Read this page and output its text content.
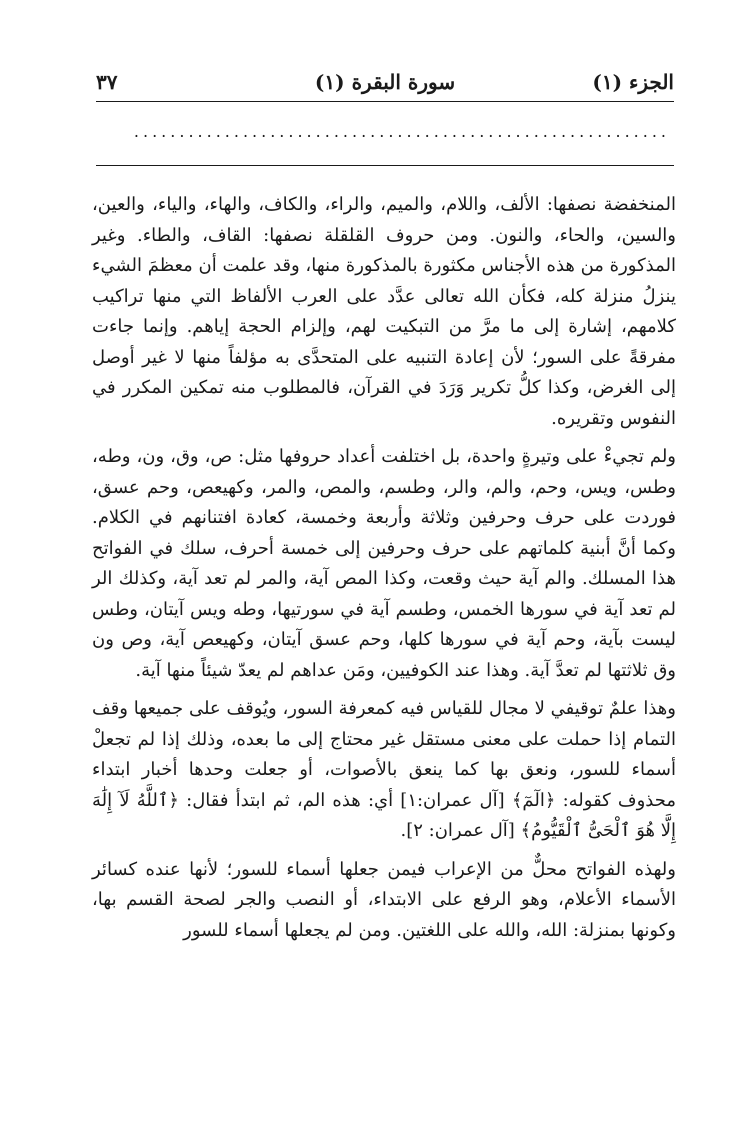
الجزء (١)
سورة البقرة (١)
٣٧
...........................................................

المنخفضة نصفها: الألف، واللام، والميم، والراء، والكاف، والهاء، والياء، والعين، والسين، والحاء، والنون. ومن حروف القلقلة نصفها: القاف، والطاء. وغير المذكورة من هذه الأجناس مكثورة بالمذكورة منها، وقد علمت أن معظمَ الشيء ينزلُ منزلة كله، فكأن الله تعالى عدَّد على العرب الألفاظ التي منها تراكيب كلامهم، إشارة إلى ما مرَّ من التبكيت لهم، وإلزام الحجة إياهم. وإنما جاءت مفرقةً على السور؛ لأن إعادة التنبيه على المتحدَّى به مؤلفاً منها لا غير أوصل إلى الغرض، وكذا كلُّ تكرير وَرَدَ في القرآن، فالمطلوب منه تمكين المكرر في النفوس وتقريره.

ولم تجيءْ على وتيرةٍ واحدة، بل اختلفت أعداد حروفها مثل: ص، وق، ون، وطه، وطس، ويس، وحم، والم، والر، وطسم، والمص، والمر، وكهيعص، وحم عسق، فوردت على حرف وحرفين وثلاثة وأربعة وخمسة، كعادة افتنانهم في الكلام. وكما أنَّ أبنية كلماتهم على حرف وحرفين إلى خمسة أحرف، سلك في الفواتح هذا المسلك. والم آية حيث وقعت، وكذا المص آية، والمر لم تعد آية، وكذلك الر لم تعد آية في سورها الخمس، وطسم آية في سورتيها، وطه ويس آيتان، وطس ليست بآية، وحم آية في سورها كلها، وحم عسق آيتان، وكهيعص آية، وص ون وق ثلاثتها لم تعدَّ آية. وهذا عند الكوفيين، ومَن عداهم لم يعدّ شيئاً منها آية.

وهذا علمٌ توقيفي لا مجال للقياس فيه كمعرفة السور، ويُوقف على جميعها وقف التمام إذا حملت على معنى مستقل غير محتاج إلى ما بعده، وذلك إذا لم تجعلْ أسماء للسور، ونعق بها كما ينعق بالأصوات، أو جعلت وحدها أخبار ابتداء محذوف كقوله: ﴿الٓمٓ﴾ [آل عمران:١] أي: هذه الم، ثم ابتدأ فقال: ﴿ٱللَّهُ لَآ إِلَٰهَ إِلَّا هُوَ ٱلْحَىُّ ٱلْقَيُّومُ﴾ [آل عمران: ٢].

ولهذه الفواتح محلٌّ من الإعراب فيمن جعلها أسماء للسور؛ لأنها عنده كسائر الأسماء الأعلام، وهو الرفع على الابتداء، أو النصب والجر لصحة القسم بها، وكونها بمنزلة: الله، والله على اللغتين. ومن لم يجعلها أسماء للسور
